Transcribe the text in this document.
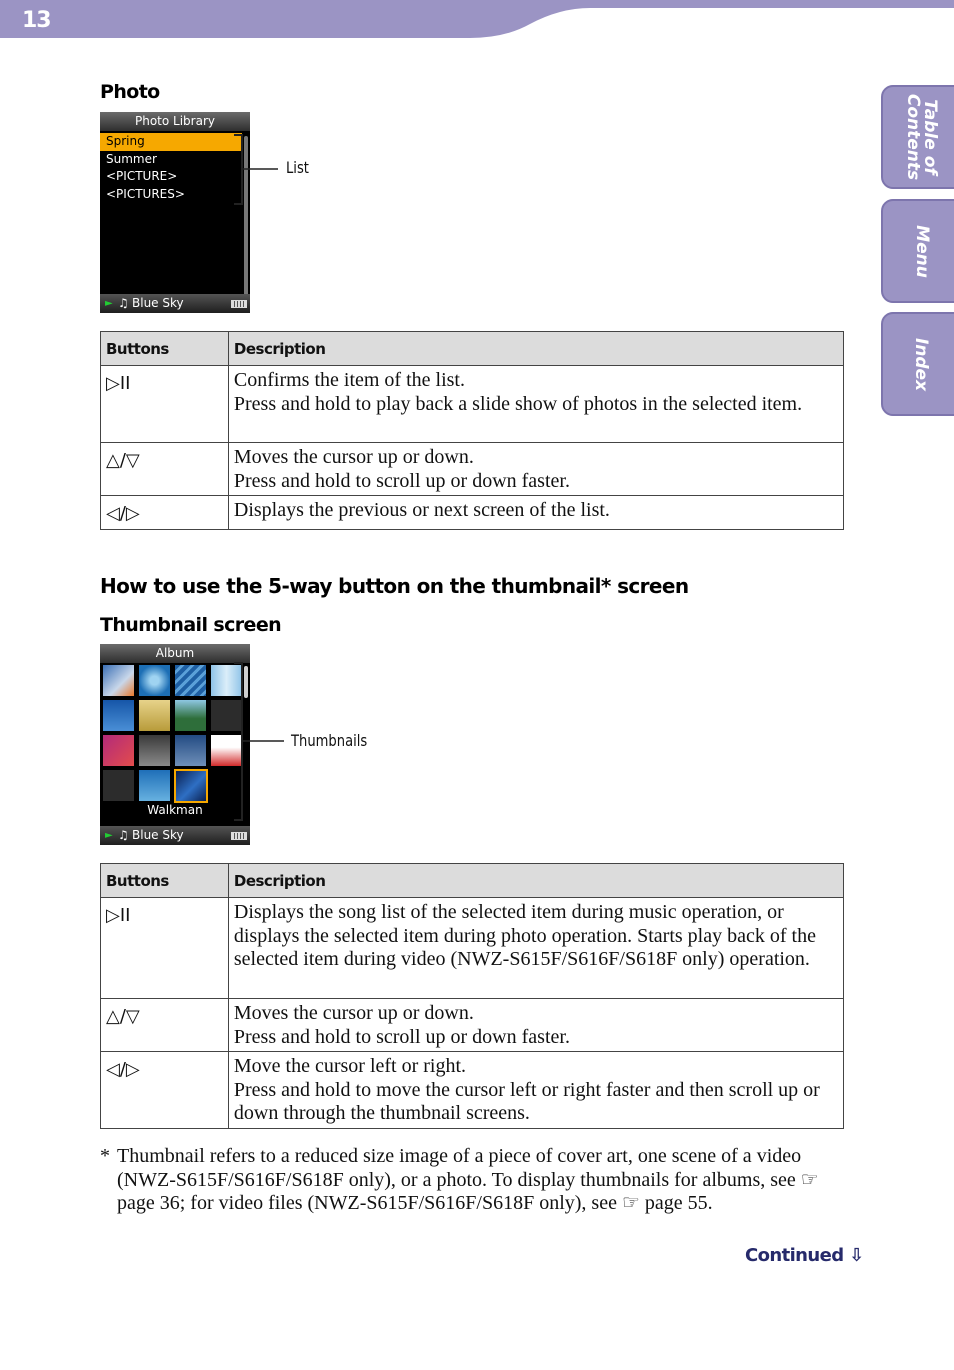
13
Table of
Contents
Menu
Index
Photo
Photo Library
Spring
Summer
<PICTURE>
<PICTURES>
► ♫ Blue Sky
List
Buttons	Description
▷II	Confirms the item of the list.
Press and hold to play back a slide show of photos in the selected item.

△/▽	Moves the cursor up or down.
Press and hold to scroll up or down faster.

◁/▷	Displays the previous or next screen of the list.
How to use the 5-way button on the thumbnail* screen
Thumbnail screen
Album
Walkman
► ♫ Blue Sky
Thumbnails
Buttons	Description
▷II	Displays the song list of the selected item during music operation, or displays the selected item during photo operation. Starts play back of the selected item during video (NWZ-S615F/S616F/S618F only) operation.
△/▽	Moves the cursor up or down.
Press and hold to scroll up or down faster.

◁/▷	Move the cursor left or right.
Press and hold to move the cursor left or right faster and then scroll up or down through the thumbnail screens.
* Thumbnail refers to a reduced size image of a piece of cover art, one scene of a video (NWZ-S615F/S616F/S618F only), or a photo. To display thumbnails for albums, see ☞ page 36; for video files (NWZ-S615F/S616F/S618F only), see ☞ page 55.
Continued ⇩
